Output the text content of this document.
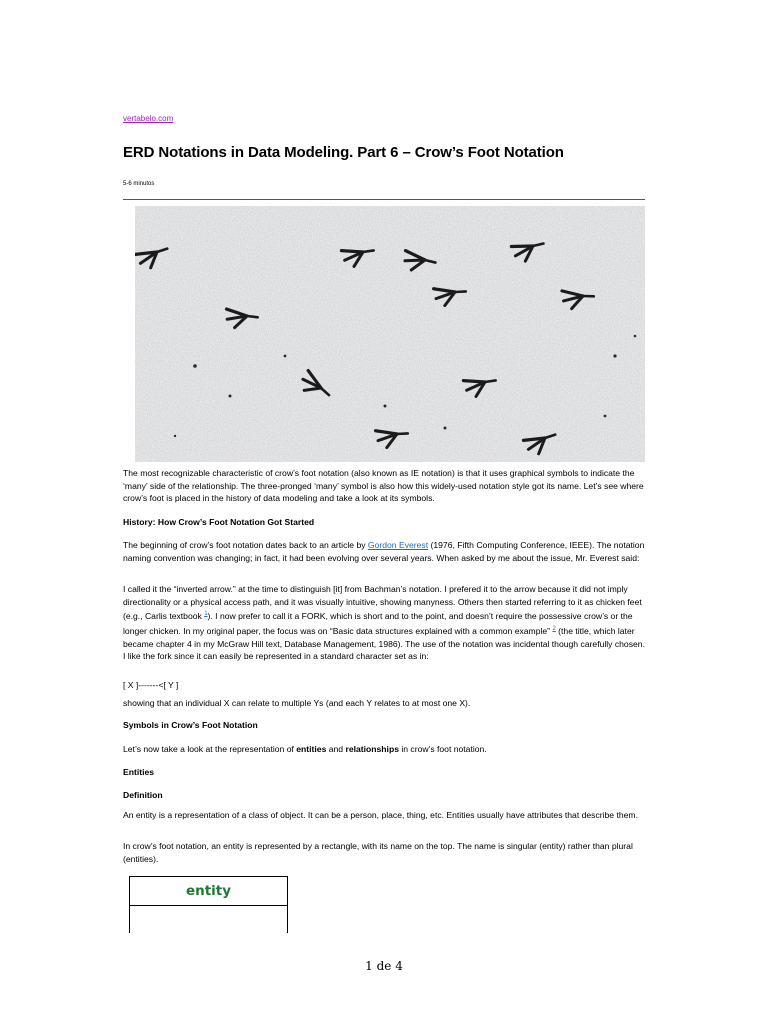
vertabelo.com
ERD Notations in Data Modeling. Part 6 – Crow’s Foot Notation
5-6 minutos

The most recognizable characteristic of crow’s foot notation (also known as IE notation) is that it uses graphical symbols to indicate the ‘many’ side of the relationship. The three-pronged ‘many’ symbol is also how this widely-used notation style got its name. Let’s see where crow’s foot is placed in the history of data modeling and take a look at its symbols.

History: How Crow’s Foot Notation Got Started

The beginning of crow’s foot notation dates back to an article by Gordon Everest (1976, Fifth Computing Conference, IEEE). The notation naming convention was changing; in fact, it had been evolving over several years. When asked by me about the issue, Mr. Everest said:

I called it the “inverted arrow.” at the time to distinguish [it] from Bachman’s notation. I prefered it to the arrow because it did not imply directionality or a physical access path, and it was visually intuitive, showing manyness. Others then started referring to it as chicken feet (e.g., Carlis textbook $^1$). I now prefer to call it a FORK, which is short and to the point, and doesn’t require the possessive crow’s or the longer chicken. In my original paper, the focus was on “Basic data structures explained with a common example” $^2$ (the title, which later became chapter 4 in my McGraw Hill text, Database Management, 1986). The use of the notation was incidental though carefully chosen. I like the fork since it can easily be represented in a standard character set as in:

[ X ]-------<[ Y ]

showing that an individual X can relate to multiple Ys (and each Y relates to at most one X).

Symbols in Crow’s Foot Notation

Let’s now take a look at the representation of entities and relationships in crow’s foot notation.

Entities

Definition

An entity is a representation of a class of object. It can be a person, place, thing, etc. Entities usually have attributes that describe them.

In crow’s foot notation, an entity is represented by a rectangle, with its name on the top. The name is singular (entity) rather than plural (entities).

entity
1 de 4
